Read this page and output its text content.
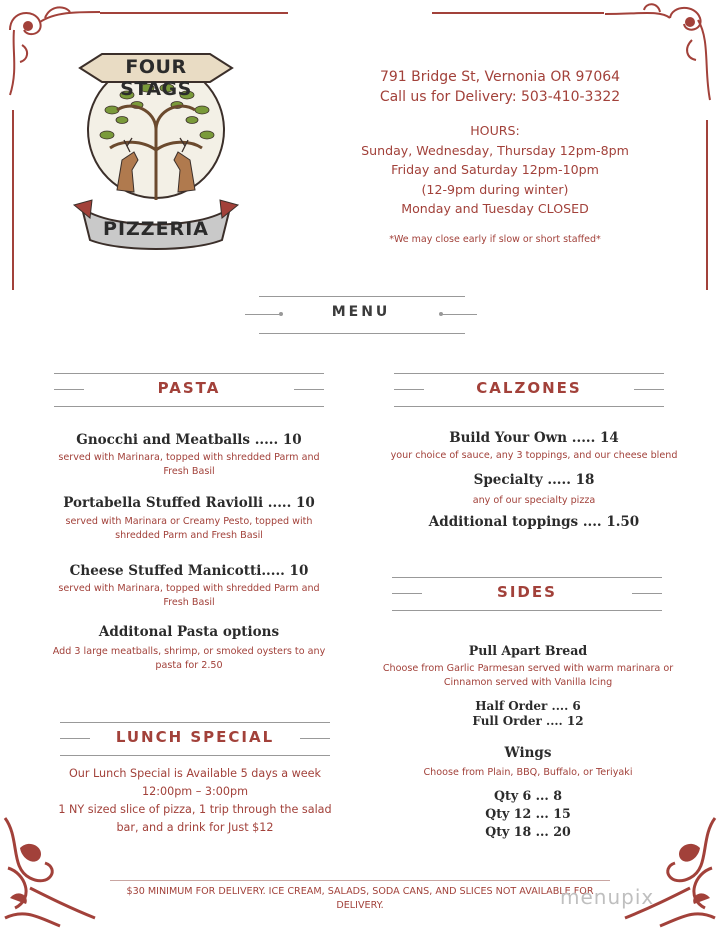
FOUR STAGS
PIZZERIA
791 Bridge St, Vernonia OR 97064
Call us for Delivery: 503-410-3322
HOURS:
Sunday, Wednesday, Thursday 12pm-8pm
Friday and Saturday 12pm-10pm
(12-9pm during winter)
Monday and Tuesday CLOSED
*We may close early if slow or short staffed*
MENU
PASTA
Gnocchi and Meatballs ..... 10
served with Marinara, topped with shredded Parm and Fresh Basil
Portabella Stuffed Raviolli ..... 10
served with Marinara or Creamy Pesto, topped with shredded Parm and Fresh Basil
Cheese Stuffed Manicotti..... 10
served with Marinara, topped with shredded Parm and Fresh Basil
Additonal Pasta options
Add 3 large meatballs, shrimp, or smoked oysters to any pasta for 2.50
LUNCH SPECIAL
Our Lunch Special is Available 5 days a week
12:00pm – 3:00pm
1 NY sized slice of pizza, 1 trip through the salad bar, and a drink for Just $12
CALZONES
Build Your Own ..... 14
your choice of sauce, any 3 toppings, and our cheese blend
Specialty ..... 18
any of our specialty pizza
Additional toppings .... 1.50
SIDES
Pull Apart Bread
Choose from Garlic Parmesan served with warm marinara or Cinnamon served with Vanilla Icing
Half Order .... 6
Full Order .... 12
Wings
Choose from Plain, BBQ, Buffalo, or Teriyaki
Qty 6 ... 8
Qty 12 ... 15
Qty 18 ... 20
$30 MINIMUM FOR DELIVERY. ICE CREAM, SALADS, SODA CANS, AND SLICES NOT AVAILABLE FOR DELIVERY.	menupix
